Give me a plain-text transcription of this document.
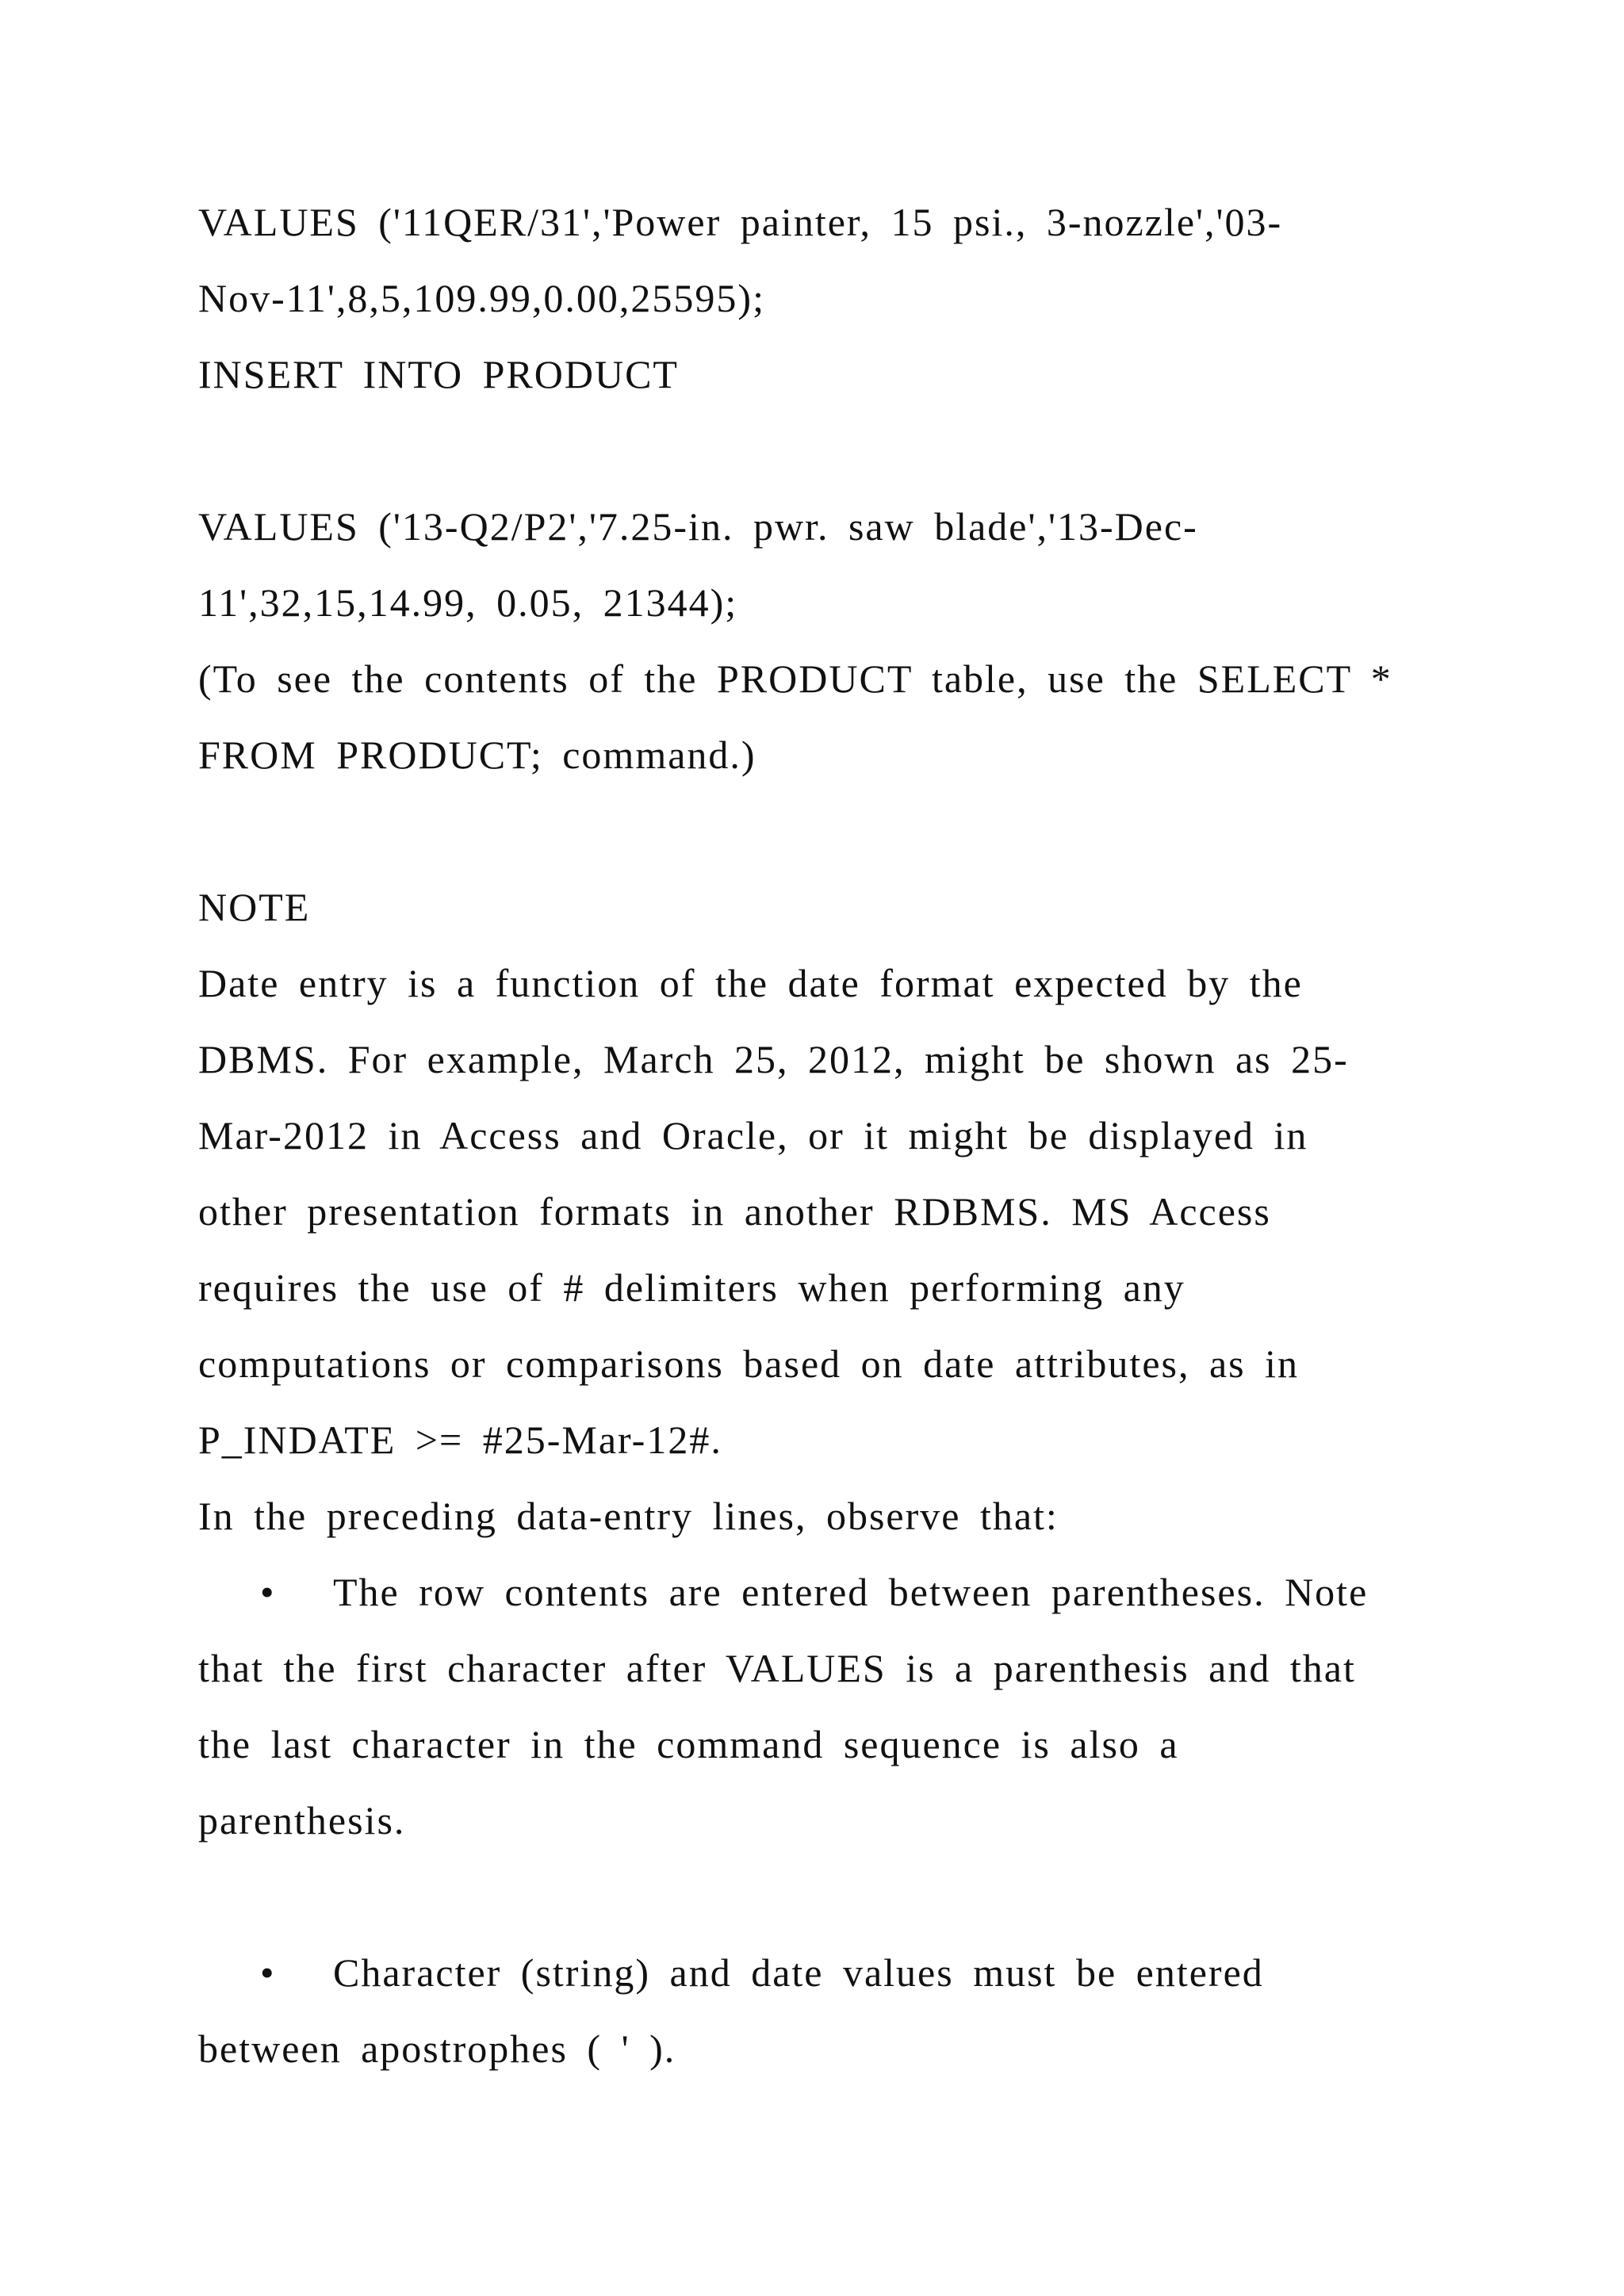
VALUES ('11QER/31','Power painter, 15 psi., 3-nozzle','03-
Nov-11',8,5,109.99,0.00,25595);
INSERT INTO PRODUCT
VALUES ('13-Q2/P2','7.25-in. pwr. saw blade','13-Dec-
11',32,15,14.99, 0.05, 21344);
(To see the contents of the PRODUCT table, use the SELECT *
FROM PRODUCT; command.)
NOTE
Date entry is a function of the date format expected by the
DBMS. For example, March 25, 2012, might be shown as 25-
Mar-2012 in Access and Oracle, or it might be displayed in
other presentation formats in another RDBMS. MS Access
requires the use of # delimiters when performing any
computations or comparisons based on date attributes, as in
P_INDATE >= #25-Mar-12#.
In the preceding data-entry lines, observe that:
• The row contents are entered between parentheses. Note
that the first character after VALUES is a parenthesis and that
the last character in the command sequence is also a
parenthesis.
• Character (string) and date values must be entered
between apostrophes ( ' ).
